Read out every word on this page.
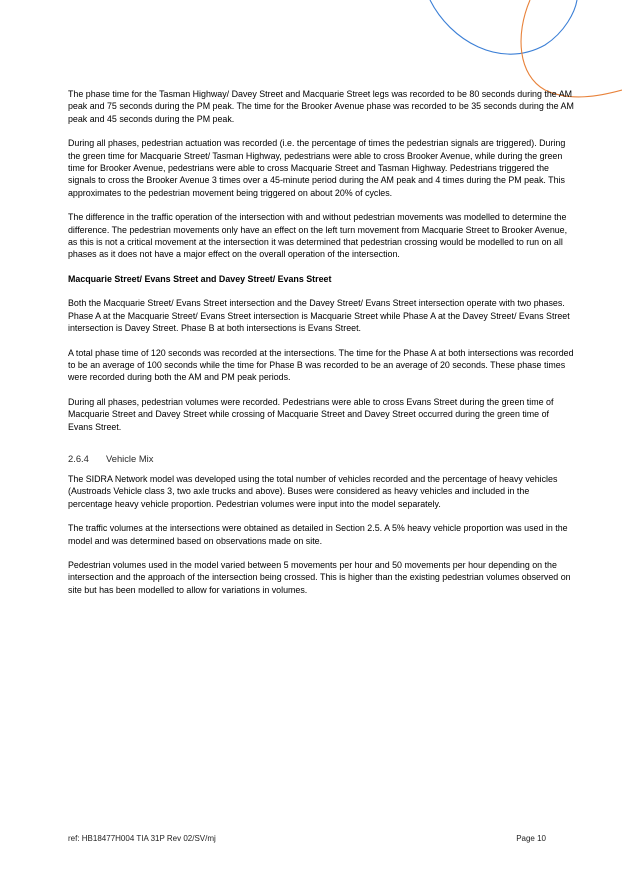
The phase time for the Tasman Highway/ Davey Street and Macquarie Street legs was recorded to be 80 seconds during the AM peak and 75 seconds during the PM peak. The time for the Brooker Avenue phase was recorded to be 35 seconds during the AM peak and 45 seconds during the PM peak.

During all phases, pedestrian actuation was recorded (i.e. the percentage of times the pedestrian signals are triggered). During the green time for Macquarie Street/ Tasman Highway, pedestrians were able to cross Brooker Avenue, while during the green time for Brooker Avenue, pedestrians were able to cross Macquarie Street and Tasman Highway. Pedestrians triggered the signals to cross the Brooker Avenue 3 times over a 45-minute period during the AM peak and 4 times during the PM peak. This approximates to the pedestrian movement being triggered on about 20% of cycles.

The difference in the traffic operation of the intersection with and without pedestrian movements was modelled to determine the difference. The pedestrian movements only have an effect on the left turn movement from Macquarie Street to Brooker Avenue, as this is not a critical movement at the intersection it was determined that pedestrian crossing would be modelled to run on all phases as it does not have a major effect on the overall operation of the intersection.

Macquarie Street/ Evans Street and Davey Street/ Evans Street

Both the Macquarie Street/ Evans Street intersection and the Davey Street/ Evans Street intersection operate with two phases. Phase A at the Macquarie Street/ Evans Street intersection is Macquarie Street while Phase A at the Davey Street/ Evans Street intersection is Davey Street. Phase B at both intersections is Evans Street.

A total phase time of 120 seconds was recorded at the intersections. The time for the Phase A at both intersections was recorded to be an average of 100 seconds while the time for Phase B was recorded to be an average of 20 seconds. These phase times were recorded during both the AM and PM peak periods.

During all phases, pedestrian volumes were recorded. Pedestrians were able to cross Evans Street during the green time of Macquarie Street and Davey Street while crossing of Macquarie Street and Davey Street occurred during the green time of Evans Street.

2.6.4 Vehicle Mix

The SIDRA Network model was developed using the total number of vehicles recorded and the percentage of heavy vehicles (Austroads Vehicle class 3, two axle trucks and above). Buses were considered as heavy vehicles and included in the percentage heavy vehicle proportion. Pedestrian volumes were input into the model separately.

The traffic volumes at the intersections were obtained as detailed in Section 2.5. A 5% heavy vehicle proportion was used in the model and was determined based on observations made on site.

Pedestrian volumes used in the model varied between 5 movements per hour and 50 movements per hour depending on the intersection and the approach of the intersection being crossed. This is higher than the existing pedestrian volumes observed on site but has been modelled to allow for variations in volumes.

ref: HB18477H004 TIA 31P Rev 02/SV/mj	Page 10
